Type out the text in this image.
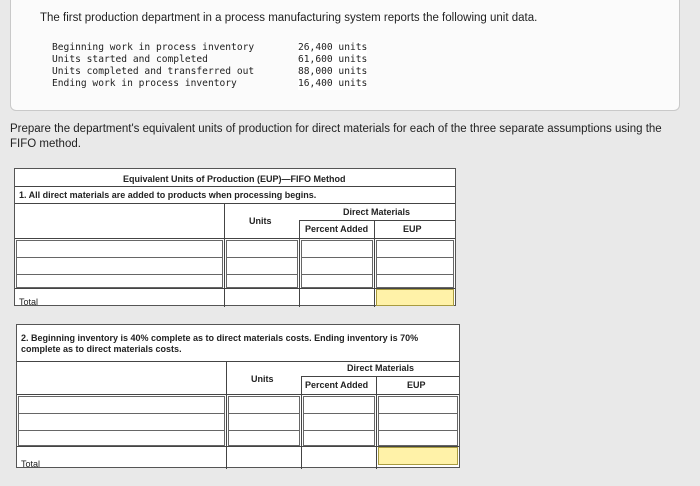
The first production department in a process manufacturing system reports the following unit data.
Beginning work in process inventory	26,400 units
Units started and completed	61,600 units
Units completed and transferred out	88,000 units
Ending work in process inventory	16,400 units
Prepare the department's equivalent units of production for direct materials for each of the three separate assumptions using the FIFO method.
Equivalent Units of Production (EUP)—FIFO Method
1. All direct materials are added to products when processing begins.
Units
Direct Materials
Percent Added	EUP
Total
2. Beginning inventory is 40% complete as to direct materials costs. Ending inventory is 70% complete as to direct materials costs.
Units
Direct Materials
Percent Added	EUP
Total
